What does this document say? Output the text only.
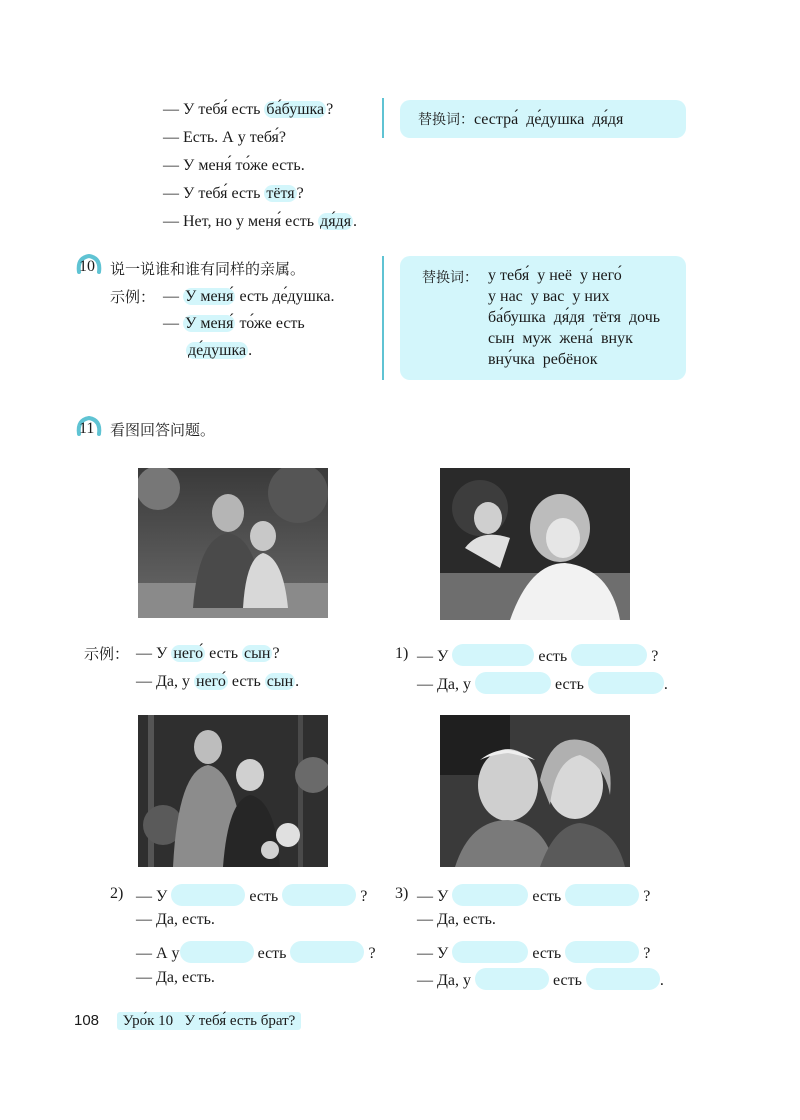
— У тебя́ есть ба́бушка ?
— Есть. А у тебя́?
— У меня́ то́же есть.
— У тебя́ есть тётя ?
— Нет, но у меня́ есть дя́дя .
替换词：сестра́  де́душка  дя́дя
10 说一说谁和谁有同样的亲属。
示例： — У меня́ есть де́душка.
— У меня́ то́же есть
де́душка .
替换词： у тебя́  у неё  у него́
у нас  у вас  у них
ба́бушка  дя́дя  тётя  дочь
сын  муж  жена́  внук
вну́чка  ребёнок
11 看图回答问题。
示例： — У него́ есть сын ?
— Да, у него́ есть сын .
1) — У	есть	?
— Да, у	есть	.
2) — У	есть	?
— Да, есть.
— А у	есть	?
— Да, есть.
3) — У	есть	?
— Да, есть.
— У	есть	?
— Да, у	есть	.
108 Уро́к 10   У тебя́ есть брат?
